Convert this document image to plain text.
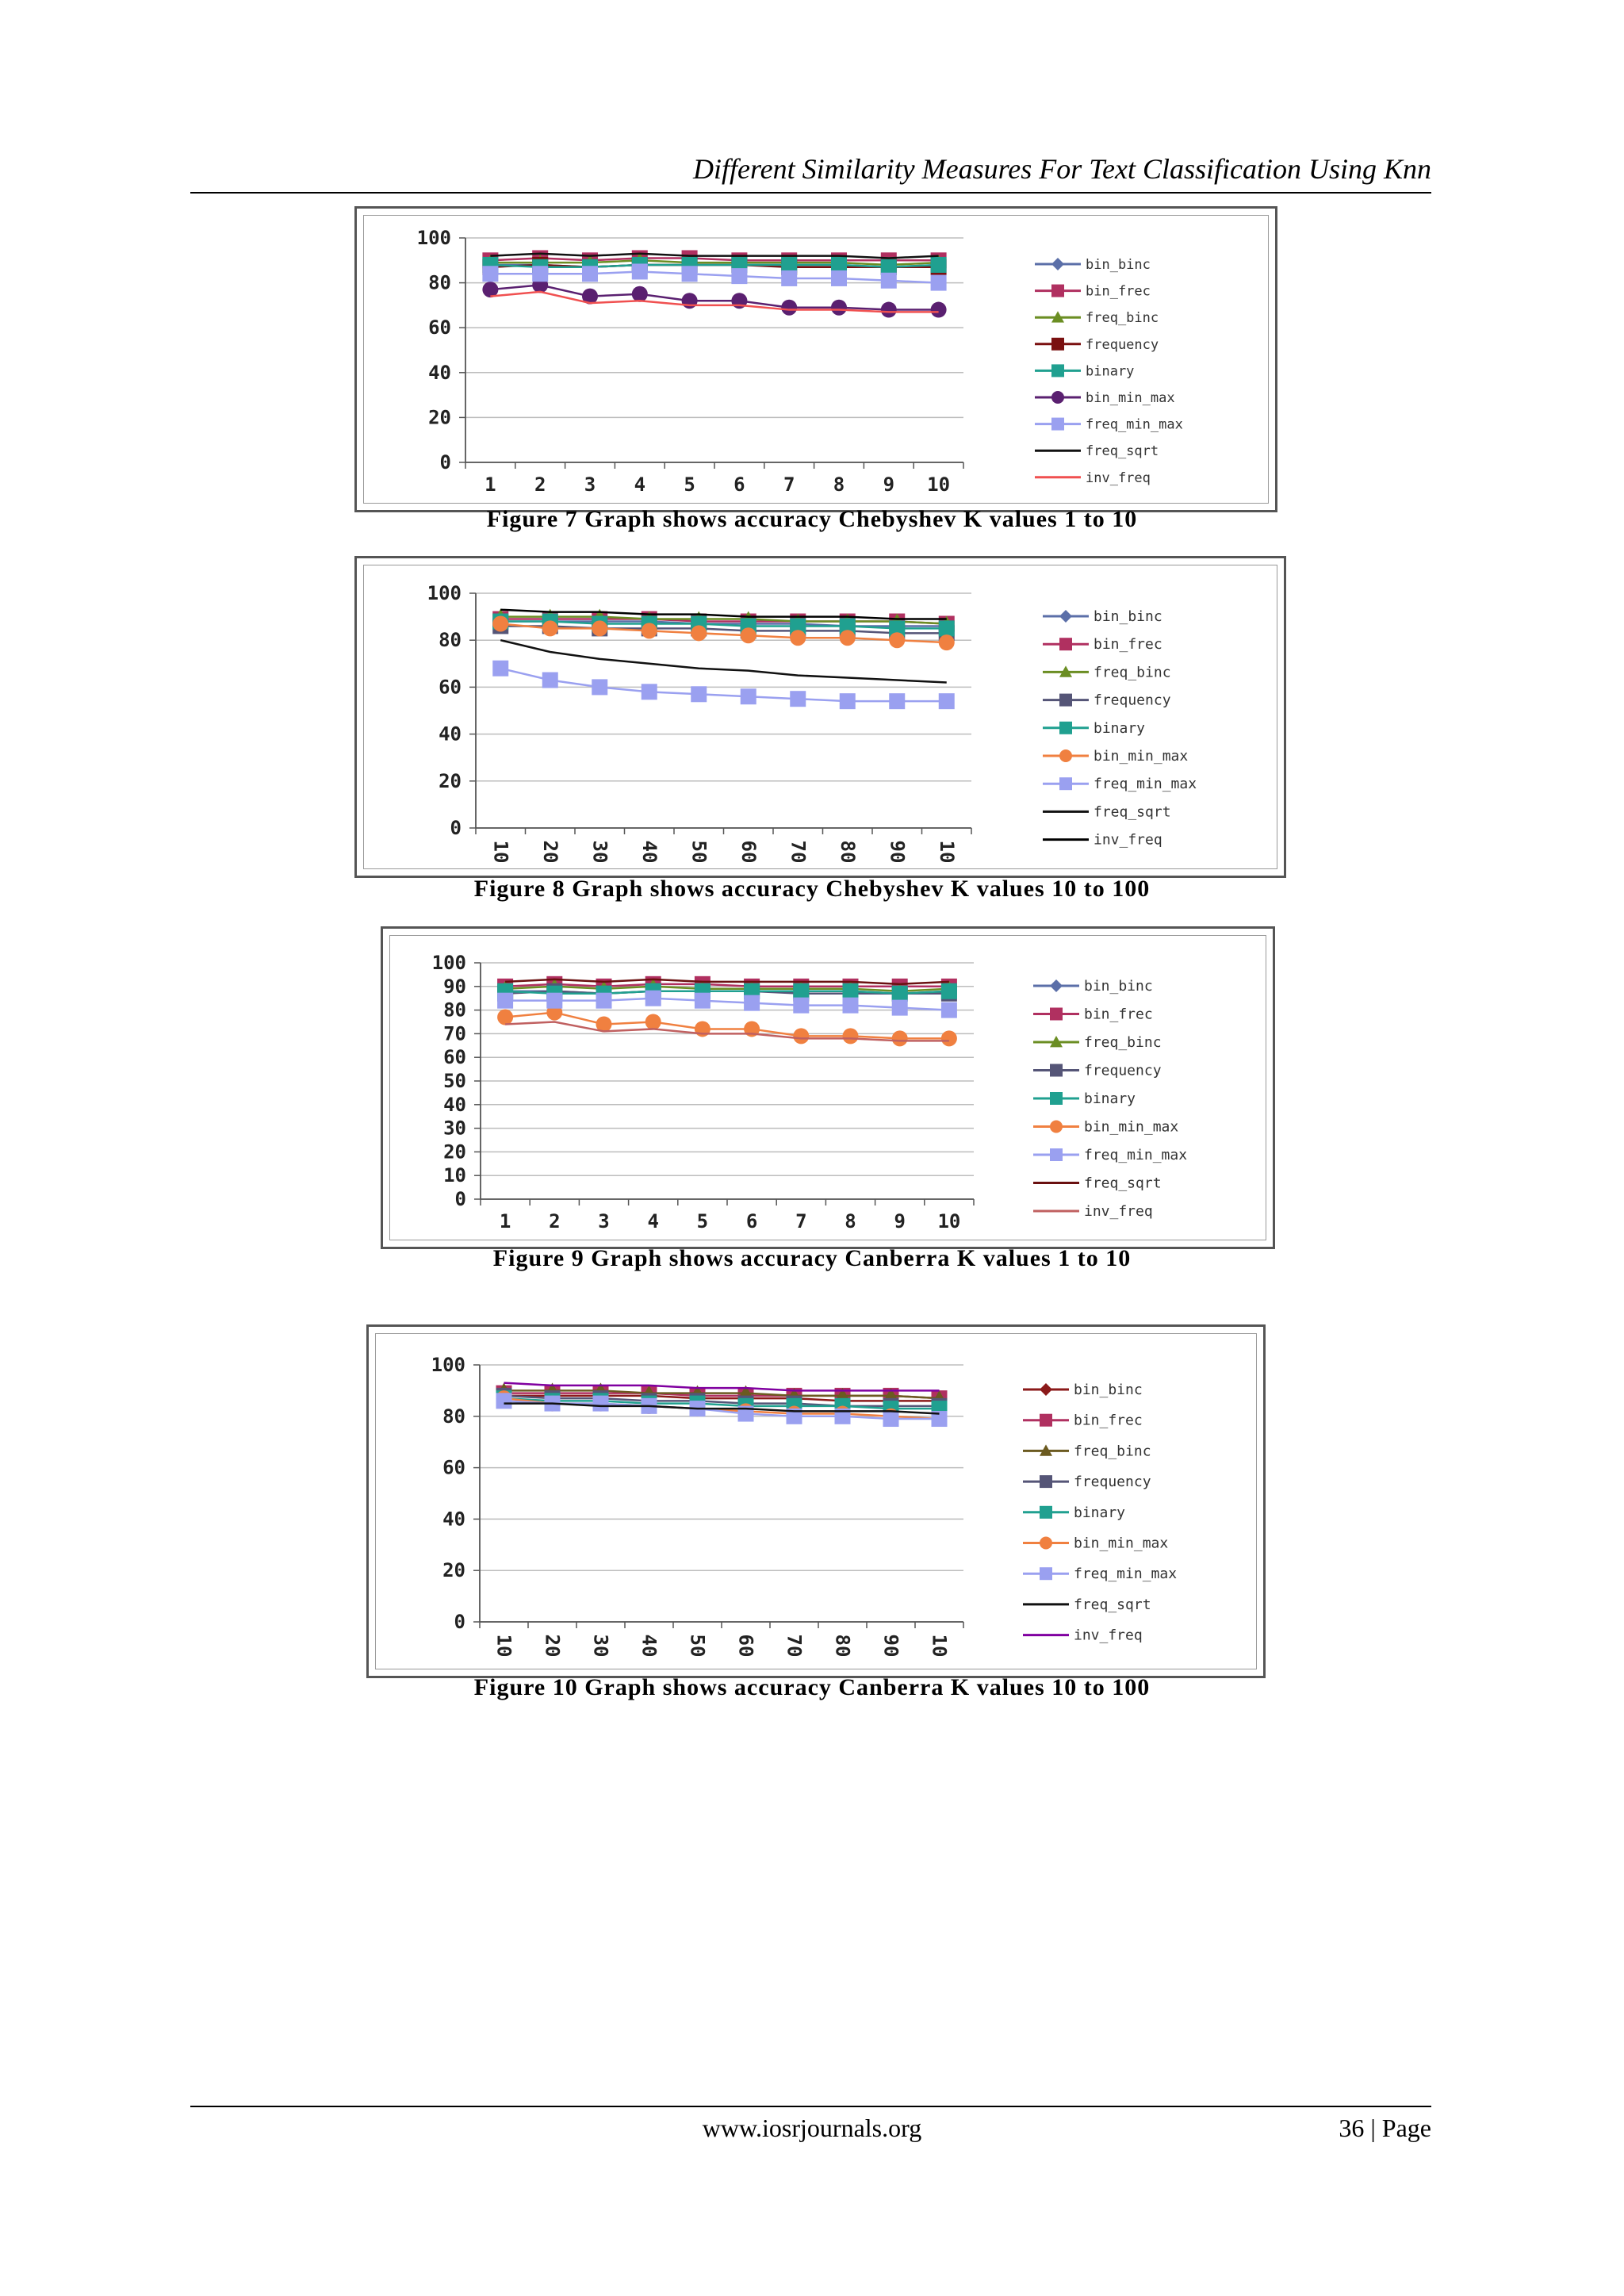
Different Similarity Measures For Text Classification Using Knn
100
80
60
40
20
0
1 2 3 4 5 6 7 8 9 10
bin_binc
bin_frec
freq_binc
frequency
binary
bin_min_max
freq_min_max
freq_sqrt
inv_freq
Figure 7 Graph shows accuracy Chebyshev K values 1 to 10
100
80
60
40
20
0
10 20 30 40 50 60 70 80 90 10
bin_binc
bin_frec
freq_binc
frequency
binary
bin_min_max
freq_min_max
freq_sqrt
inv_freq
Figure 8 Graph shows accuracy Chebyshev K values 10 to 100
100
90
80
70
60
50
40
30
20
10
0
1 2 3 4 5 6 7 8 9 10
bin_binc
bin_frec
freq_binc
frequency
binary
bin_min_max
freq_min_max
freq_sqrt
inv_freq
Figure 9 Graph shows accuracy Canberra K values 1 to 10
100
80
60
40
20
0
10 20 30 40 50 60 70 80 90 10
bin_binc
bin_frec
freq_binc
frequency
binary
bin_min_max
freq_min_max
freq_sqrt
inv_freq
Figure 10 Graph shows accuracy Canberra K values 10 to 100
www.iosrjournals.org	36 | Page
